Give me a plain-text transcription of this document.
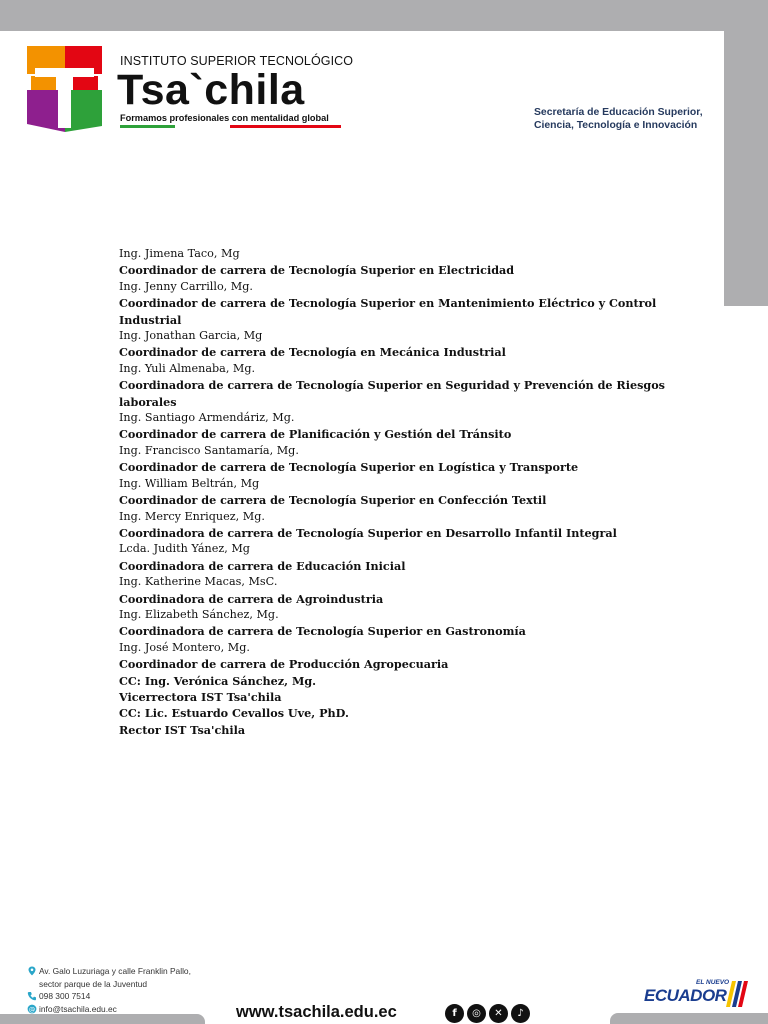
INSTITUTO SUPERIOR TECNOLÓGICO
Tsa`chila
Formamos profesionales con mentalidad global	Secretaría de Educación Superior,
Ciencia, Tecnología e Innovación
Ing. Jimena Taco, Mg
Coordinador de carrera de Tecnología Superior en Electricidad
Ing. Jenny Carrillo, Mg.
Coordinador de carrera de Tecnología Superior en Mantenimiento Eléctrico y Control
Industrial
Ing. Jonathan Garcia, Mg
Coordinador de carrera de Tecnología en Mecánica Industrial
Ing. Yuli Almenaba, Mg.
Coordinadora de carrera de Tecnología Superior en Seguridad y Prevención de Riesgos
laborales
Ing. Santiago Armendáriz, Mg.
Coordinador de carrera de Planificación y Gestión del Tránsito
Ing. Francisco Santamaría, Mg.
Coordinador de carrera de Tecnología Superior en Logística y Transporte
Ing. William Beltrán, Mg
Coordinador de carrera de Tecnología Superior en Confección Textil
Ing. Mercy Enriquez, Mg.
Coordinadora de carrera de Tecnología Superior en Desarrollo Infantil Integral
Lcda. Judith Yánez, Mg
Coordinadora de carrera de Educación Inicial
Ing. Katherine Macas, MsC.
Coordinadora de carrera de Agroindustria
Ing. Elizabeth Sánchez, Mg.
Coordinadora de carrera de Tecnología Superior en Gastronomía
Ing. José Montero, Mg.
Coordinador de carrera de Producción Agropecuaria
CC: Ing. Verónica Sánchez, Mg.
Vicerrectora IST Tsa'chila
CC: Lic. Estuardo Cevallos Uve, PhD.
Rector IST Tsa'chila
Av. Galo Luzuriaga y calle Franklin Pallo,
sector parque de la Juventud
098 300 7514
@ info@tsachila.edu.ec	www.tsachila.edu.ec	f	◎	✕	♪
EL NUEVO
ECUADOR
